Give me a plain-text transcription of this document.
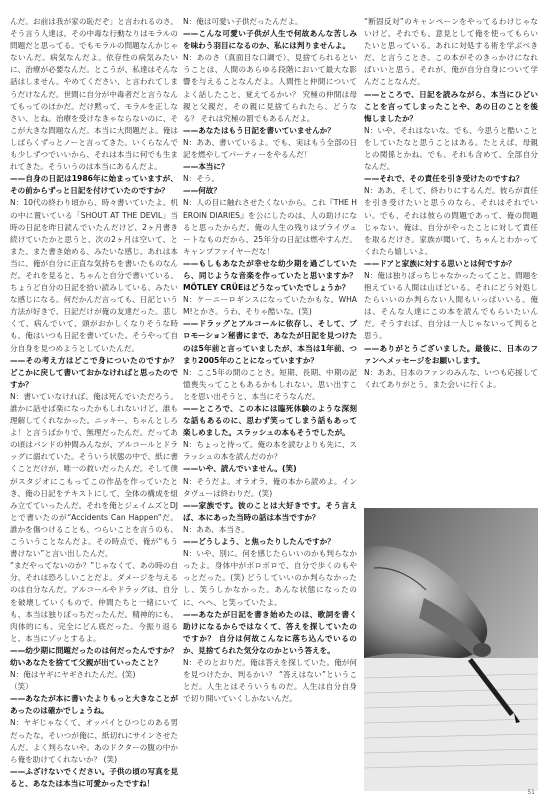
んだ。お前は我が家の恥だぞ」と言われるのさ。そう言う人達は、その中毒な行動なりはモラルの問題だと思ってる。でもモラルの問題なんかじゃないんだ。病気なんだよ。依存性の病気みたいに、治療が必要なんだ。とこうが、私達はそんな話はしません。やめてください、と言われてしまうだけなんだ。世間に自分が中毒者だと言うなんてもってのほかだ。だけ黙って、モラルを正しなさい、とね。治療を受けなきゃならないのに、そこが大きな問題なんだ。本当に大問題だよ。俺はしばらくずっとノーと言ってきた。いくらなんでも少しずつでいいから、それは本当に何でも生まれてきた。そういうのは本当にあるんだよ。

——自身の日記は1986年に始まっていますが、その前からずっと日記を付けていたのですか？

N：10代の終わり頃から、時々書いていたよ。机の中に置いている「SHOUT AT THE DEVIL」当時の日記を昨日読んでいたんだけど、2ヶ月書き続けていたかと思うと、次の2ヶ月は空いて、とまた、また書き始める、みたいな感じ。あれは本当に、俺が自分に正直な気持ちを書いたものなんだ。それを見ると、ちゃんと自分で書いている、ちょうど自分の日記を拾い読みしている、みたいな感じになる。何だかんだ言っても、日記という方法が好きで、日記だけが俺の友達だった。悲しくて、病んでいて、頭がおかしくなりそうな時も、俺はいつも日記を書いていた。そうやって自分自身を見つめようとしていたんだ。

——その考え方はどこで身についたのですか？ どこかに戻して書いておかなければと思ったのですか？

N：書いていなければ、俺は死んでいただろう。誰かに話せば楽になったかもしれないけど、誰も理解してくれなかった。ニッキー、ちゃんとしろよ！と言うばかりで、無理だったんだ。だってあの頃はバンドの仲間みんなが、アルコールとドラッグに溺れていた。そういう状態の中で、紙に書くことだけが、唯一の救いだったんだ。そして僕がスタジオにこもってこの作品を作っていたとき、俺の日記をテキストにして、全体の構成を組み立てていったんだ。それを俺とジェイムズとDJとで書いたのが“Accidents Can Happen”だ。誰かを傷つけることも、つらいことを言うのも、こういうことなんだよ。その時点で、俺が“もう書けない”と言い出したんだ。

“まだやってないのか？”じゃなくて、あの時の自分、それは恐ろしいことだよ。ダメージを与えるのは自分なんだ。アルコールやドラッグは、自分を破壊していくもので、仲間たちと一緒にいても、本当は独りぼっちだったんだ。精神的にも、肉体的にも、完全にどん底だった。今振り返ると、本当にゾッとするよ。

——幼少期に問題だったのは何だったんですか？ 幼いあなたを捨てて父親が出ていったこと？

N：俺はヤギにヤギされたんだ。(笑)

（笑）

——あなたが本に書いたよりもっと大きなことがあったのは確かでしょうね。

N：ヤギじゃなくて、オッパイとひつじのある男だったな。そいつが俺に、紙切れにサインさせたんだ。よく判らないや。あのドクターの腹の中から俺を助けてくれないか？ (笑)

——ふざけないでください。子供の頃の写真を見ると、あなたは本当に可愛かったですね！

N：俺は可愛い子供だったんだよ。

——こんな可愛い子供が人生で何故あんな苦しみを味わう羽目になるのか、私には判りませんよ。

N：あのさ（真面目な口調で）、見捨てられるということは、人間のあらゆる段階において最大な影響を与えることなんだよ。人間性と仲間についてよく話したこと、覚えてるかい？ 究極の仲間は母親と父親だ。その親に見捨てられたら、どうなる？ それは究極の罰でもあるんだよ。

——あなたはもう日記を書いていませんか？

N：ああ、書いているよ。でも、実はもう全部の日記を燃やしてパーティーをやるんだ！

——本当に？

N：そう。

——何故？

N：人の目に触れさせたくないから。これ『THE HEROIN DIARIES』を公にしたのは、人の助けになると思ったからだ。俺の人生の残りはプライヴェートなものだから、25年分の日記は燃やすんだ。キャンプファイヤーだな！

——もしもあなたが幸せな幼少期を過ごしていたら、同じような音楽を作っていたと思いますか？ MÖTLEY CRÜEはどうなっていたでしょうか？

N：ケーニーロギンスになっていたかもな。WHAM!とかさ。うわ、そりゃ酷いな。(笑)

——ドラッグとアルコールに依存し、そして、プロモーション秘書にまで、あなたが日記を見つけたのは5年前と言っていましたが、本当は1年前、つまり2005年のことになっていますか？

N：ここ5年の間のことさ。短期、長期、中期の記憶喪失ってこともあるかもしれない。思い出すことを思い出そうと、本当にそうなんだ。

——ところで、この本には臨死体験のような深刻な話もあるのに、思わず笑ってしまう話もあって楽しめました。スラッシュの本もそうでしたが。

N：ちょっと待って。俺の本を読むよりも先に、スラッシュの本を読んだのか？

——いや、読んでいません。(笑)

N：そうだよ。オラオラ、俺の本から読めよ。インタヴューは終わりだ。(笑)

——家族です。彼のことは大好きです。そう言えば、本にあった当時の話は本当ですか？

N：ああ、本当さ。

——どうしよう、と焦ったりしたんですか？

N：いや、別に。何を感じたらいいのかも判らなかったよ。身体中がボロボロで、自分で歩くのもやっとだった。(笑) どうしていいのか判らなかったし、笑うしかなかった。あんな状態になったのに、ヘヘ、と笑っていたよ。

——あなたが日記を書き始めたのは、歌詞を書く助けになるからではなくて、答えを探していたのですか？ 自分は何故こんなに落ち込んでいるのか、見捨てられた気分なのかという答えを。

N：そのとおりだ。俺は答えを探していた。俺が何を見つけたか、判るかい？ “答えはない”ということだ。人生とはそういうものだ。人生は自分自身で切り開いていくしかないんだ。

“断固反対”のキャンペーンをやってるわけじゃないけど、それでも、意見として俺を使ってもらいたいと思っている。あれに対処する術を学ぶべきだ、と言うことさ。この本がそのきっかけになればいいと思う。それが、俺が自分自身について学んだことなんだ。

——ところで、日記を読みながら、本当にひどいことを言ってしまったことや、あの日のことを後悔しましたか？

N：いや、それはないな。でも、今思うと酷いことをしていたなと思うことはある。たとえば、母親との関係とかね。でも、それも含めて、全部自分なんだ。

——それで、その責任を引き受けたのですね？

N：ああ、そして、終わりにするんだ。彼らが責任を引き受けたいと思うのなら、それはそれでいい。でも、それは彼らの問題であって、俺の問題じゃない。俺は、自分がやったことに対して責任を取るだけさ。家族が聞いて、ちゃんとわかってくれたら嬉しいよ。

——ドアと家族に対する思いとは何ですか？

N：俺は独りぼっちじゃなかったってこと。問題を抱えている人間は山ほどいる。それにどう対処したらいいのか判らない人間もいっぱいいる。俺は、そんな人達にこの本を読んでもらいたいんだ。そうすれば、自分は一人じゃないって判ると思う。

——ありがとうございました。最後に、日本のファンへメッセージをお願いします。

N：ああ、日本のファンのみんな、いつも応援してくれてありがとう。また会いに行くよ。

51
